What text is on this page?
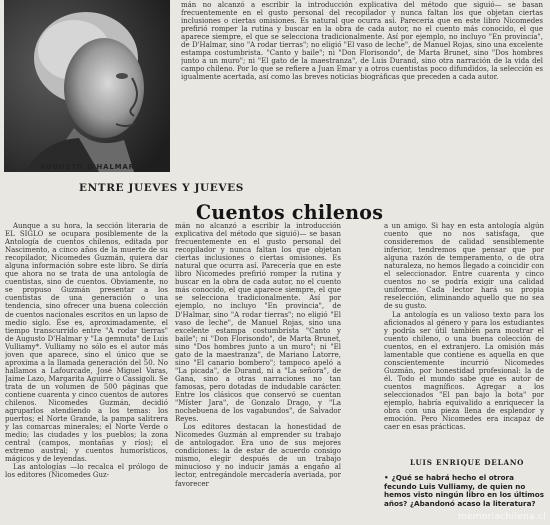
AUGUSTO D'HALMAR

mán no alcanzó a escribir la introducción explicativa del método que siguió— se basan frecuentemente en el gusto personal del recopilador y nunca faltan los que objetan ciertas inclusiones o ciertas omisiones. Es natural que ocurra así. Pareceria que en este libro Nicomedes prefirió romper la rutina y buscar en la obra de cada autor, no el cuento más conocido, el que aparece siempre, el que se selecciona tradicionalmente. Así por ejemplo, no incluyo "En provincia", de D'Halmar, sino "A rodar tierras"; no eligió "El vaso de leche", de Manuel Rojas, sino una excelente estampa costumbrista. "Canto y baile"; ni "Don Florisondo", de Marta Brunet, sino "Dos hombres junto a un muro"; ni "El gato de la maestranza", de Luis Durand, sino otra narración de la vida del campo chileno. Por lo que se refiere a Juan Emar y a otros cuentistas poco difundidos, la selección es igualmente acertada, así como las breves noticias biográficas que preceden a cada autor.

ENTRE JUEVES Y JUEVES
Cuentos chilenos

Aunque a su hora, la sección literaria de EL SIGLO se ocupara posiblemente de la Antología de cuentos chilenos, editada por Nascimento, a cinco años de la muerte de su recopilador, Nicomedes Guzmán, quiera dar alguna información sobre este libro. Se diría que ahora no se trata de una antología de cuentistas, sino de cuentos. Obviamente, no se propuso Guzmán presentar a los cuentistas de una generación o una tendencia, sino ofrecer una buena colección de cuentos nacionales escritos en un lapso de medio siglo. Ése es, aproximadamente, el tiempo transcurrido entre "A rodar tierras" de Augusto D'Halmar y "La gemnuta" de Luis Vulliamy*. Vulliamy no sólo es el autor más joven que aparece, sino el único que se aproxima a la llamada generación del 50. No hallamos a Lafourcade, José Miguel Varas, Jaime Lazo, Margarita Aguirre o Cassigoli. Se trata de un volumen de 500 páginas que contiene cuarenta y cinco cuentos de autores chilenos. Nicomedes Guzmán, decidió agruparlos atendiendo a los temas: los puertos; el Norte Grande, la pampa salitrera y las comarcas minerales; el Norte Verde o medio; las ciudades y los pueblos; la zona central (campos, montañas y ríos); el extremo austral; y cuentos humorísticos, mágicos y de leyendas.

Las antologías —lo recalca el prólogo de los editores (Nicomedes Guz-

mán no alcanzó a escribir la introducción explicativa del método que siguió)— se basan frecuentemente en el gusto personal del recopilador y nunca faltan los que objetan ciertas inclusiones o ciertas omisiones. Es natural que ocurra así. Parecería que en este libro Nicomedes prefirió romper la rutina y buscar en la obra de cada autor, no el cuento más conocido, el que aparece siempre, el que se selecciona tradicionalmente. Así por ejemplo, no incluyo "En provincia", de D'Halmar, sino "A rodar tierras"; no eligió "El vaso de leche", de Manuel Rojas, sino una excelente estampa costumbrista "Canto y baile"; ni "Don Florisondo", de Marta Brunet, sino "Dos hombres junto a un muro"; ni "El gato de la maestranza", de Mariano Latorre, sino "El canario bombero"; tampoco apeló a "La picada", de Durand, ni a "La señora", de Gana, sino a otras narraciones no tan famosas, pero dotadas de indudable carácter. Entre los clásicos que conservó se cuentan "Míster Jara", de Gonzalo Drago, y "La nochebuena de los vagabundos", de Salvador Reyes.

Los editores destacan la honestidad de Nicomedes Guzmán al emprender su trabajo de antologador. Era uno de sus mejores condiciones: la de estar de acuerdo consigo mismo, elegir después de un trabajo minucioso y no inducir jamás a engaño al lector, entregándole mercadería averiada, por favorecer

a un amigo. Si hay en esta antología algún cuento que no nos satisfaga, que consideremos de calidad sensiblemente inferior, tendremos que pensar que por alguna razón de temperamento, o de otra naturaleza, no hemos llegado a coincidir con el seleccionador. Entre cuarenta y cinco cuentos no se podría exigir una calidad uniforme. Cada lector hará su propia reselección, eliminando aquello que no sea de su gusto.

La antología es un valioso texto para los aficionados al género y para los estudiantes y podría ser útil también para mostrar el cuento chileno, o una buena colección de cuentos, en el extranjero. La omisión más lamentable que contiene es aquella en que conscientemente incurrió Nicomedes Guzmán, por honestidad profesional: la de él. Todo el mundo sabe que es autor de cuentos magníficos. Agregar a los seleccionados "El pan bajo la bota" por ejemplo, habría equivalido a enriquecer la obra con una pieza llena de esplendor y emoción. Pero Nicomedes era incapaz de caer en esas prácticas.

LUIS ENRIQUE DELANO
• ¿Qué se habrá hecho el otrora fecundo Luis Vulliamy, de quien no hemos visto ningún libro en los últimos años? ¿Abandonó acaso la literatura?
memoriachilena.cl
